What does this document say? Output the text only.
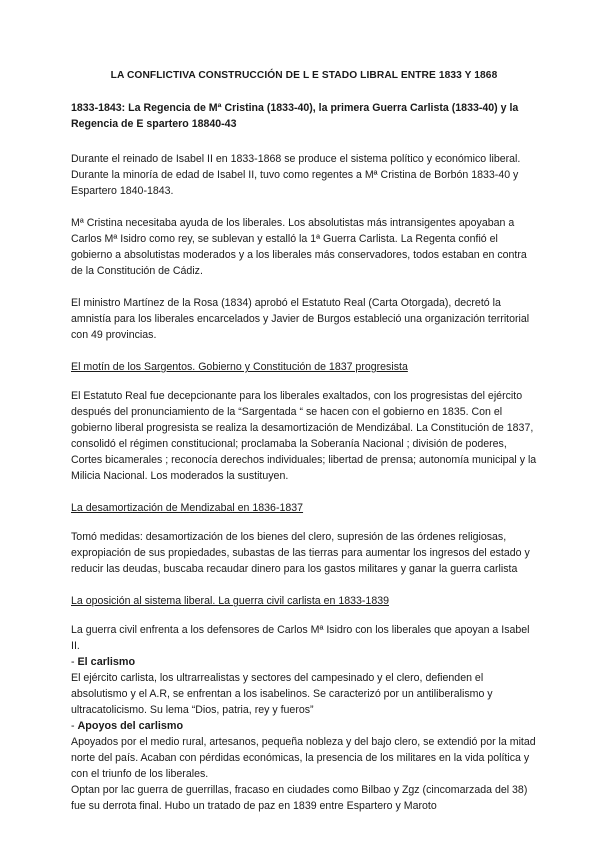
LA CONFLICTIVA CONSTRUCCIÓN DE L E STADO LIBRAL ENTRE 1833 Y 1868
1833-1843: La Regencia de Mª Cristina (1833-40), la primera Guerra Carlista (1833-40) y la Regencia de E spartero 18840-43

Durante el reinado de Isabel II en 1833-1868 se produce el sistema político y económico liberal. Durante la minoría de edad de Isabel II, tuvo como regentes a Mª Cristina de Borbón 1833-40 y Espartero 1840-1843.

Mª Cristina necesitaba ayuda de los liberales. Los absolutistas más intransigentes apoyaban a Carlos Mª Isidro como rey, se sublevan y estalló la 1ª Guerra Carlista. La Regenta confió el gobierno a absolutistas moderados y a los liberales más conservadores, todos estaban en contra de la Constitución de Cádiz.

El ministro Martínez de la Rosa (1834) aprobó el Estatuto Real (Carta Otorgada), decretó la amnistía para los liberales encarcelados y Javier de Burgos estableció una organización territorial con 49 provincias.

El motín de los Sargentos. Gobierno y Constitución de 1837 progresista

El Estatuto Real fue decepcionante para los liberales exaltados, con los progresistas del ejército después del pronunciamiento de la “Sargentada “ se hacen con el gobierno en 1835. Con el gobierno liberal progresista se realiza la desamortización de Mendizábal. La Constitución de 1837, consolidó el régimen constitucional; proclamaba la Soberanía Nacional ; división de poderes, Cortes bicamerales ; reconocía derechos individuales; libertad de prensa; autonomía municipal y la Milicia Nacional. Los moderados la sustituyen.

La desamortización de Mendizabal en 1836-1837

Tomó medidas: desamortización de los bienes del clero, supresión de las órdenes religiosas, expropiación de sus propiedades, subastas de las tierras para aumentar los ingresos del estado y reducir las deudas, buscaba recaudar dinero para los gastos militares y ganar la guerra carlista

La oposición al sistema liberal. La guerra civil carlista en 1833-1839

La guerra civil enfrenta a los defensores de Carlos Mª Isidro con los liberales que apoyan a Isabel II.

- El carlismo

El ejército carlista, los ultrarrealistas y sectores del campesinado y el clero, defienden el absolutismo y el A.R, se enfrentan a los isabelinos. Se caracterizó por un antiliberalismo y ultracatolicismo. Su lema “Dios, patria, rey y fueros”

- Apoyos del carlismo

Apoyados por el medio rural, artesanos, pequeña nobleza y del bajo clero, se extendió por la mitad norte del país. Acaban con pérdidas económicas, la presencia de los militares en la vida política y con el triunfo de los liberales.

Optan por lac guerra de guerrillas, fracaso en ciudades como Bilbao y Zgz (cincomarzada del 38) fue su derrota final. Hubo un tratado de paz en 1839 entre Espartero y Maroto
